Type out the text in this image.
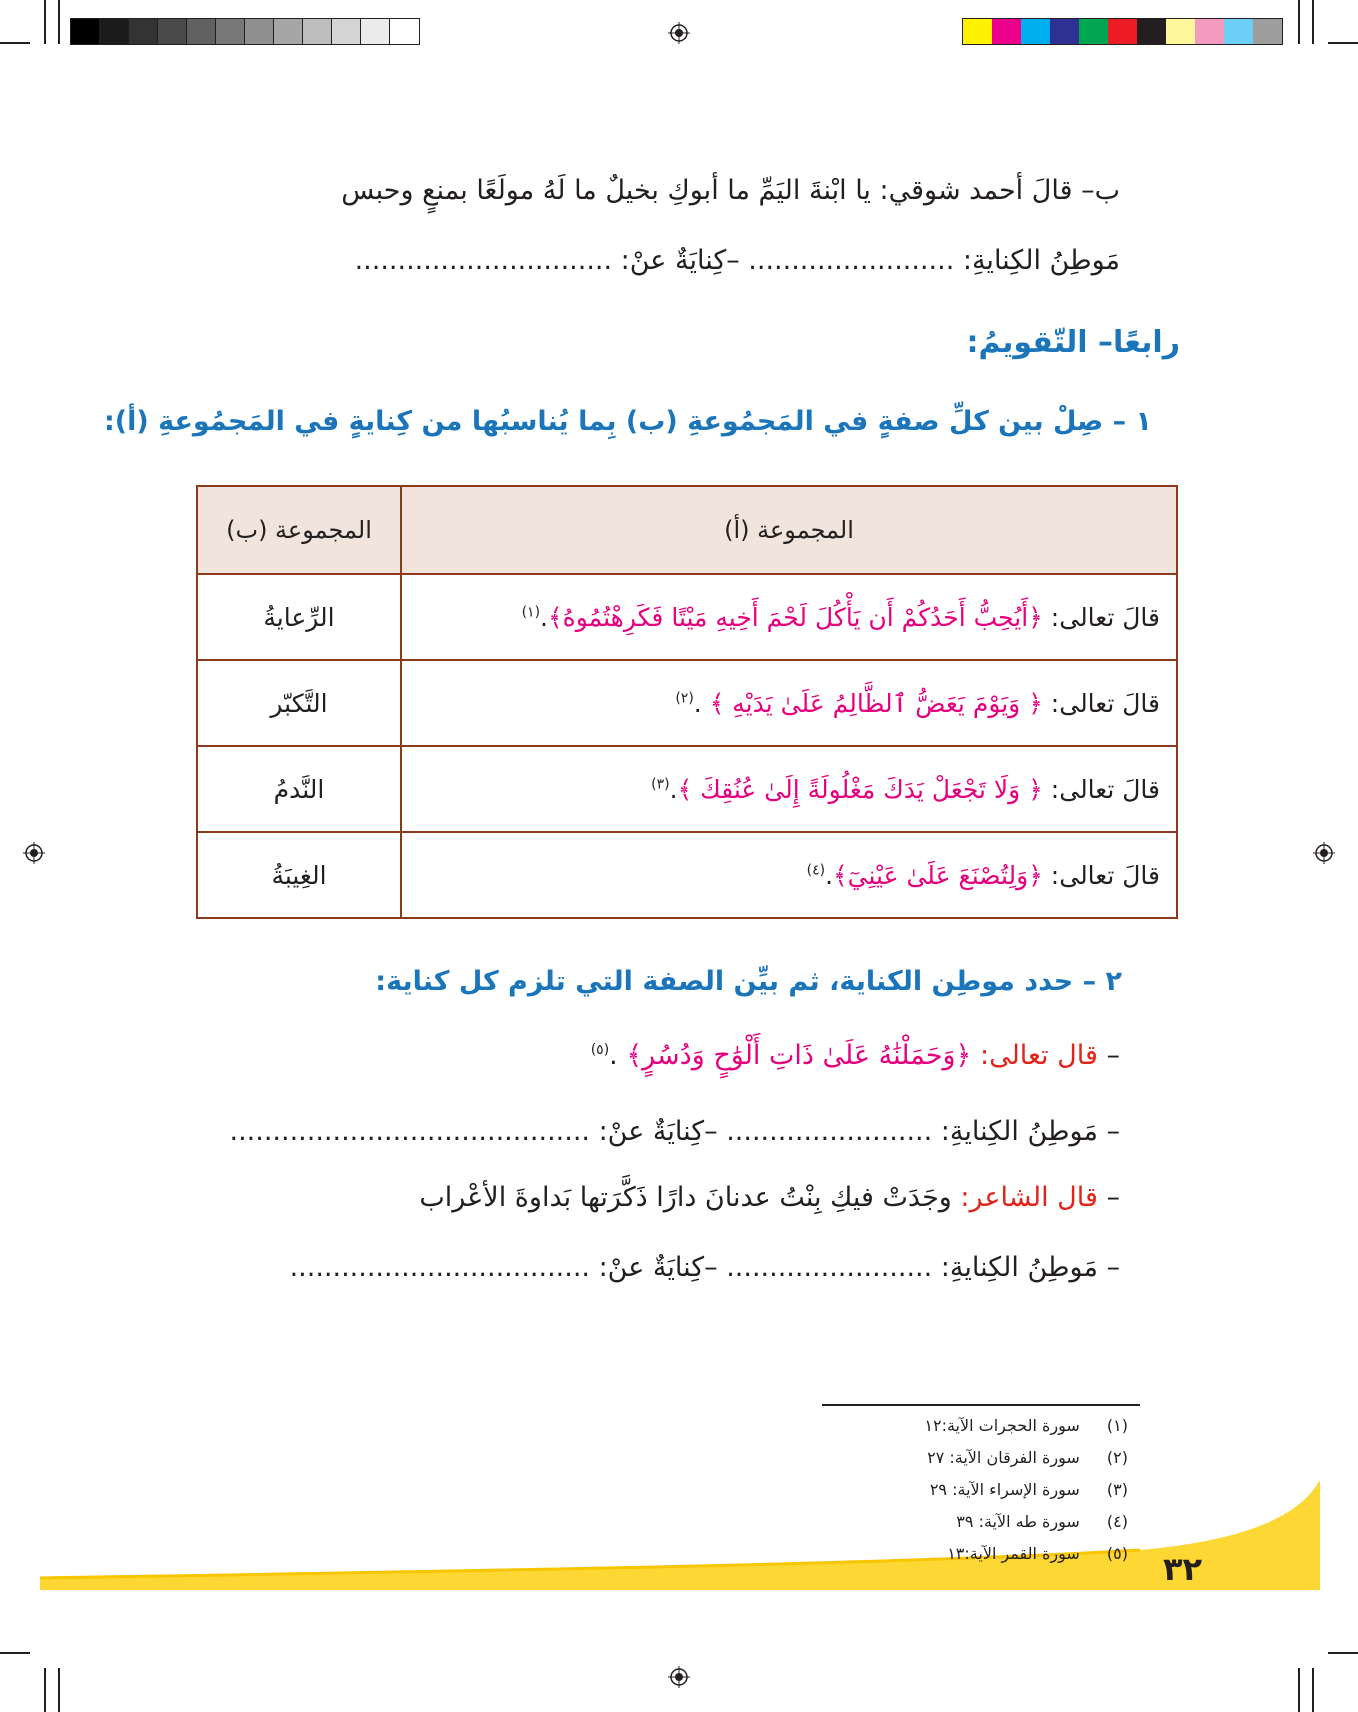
ب– قالَ أحمد شوقي: يا ابْنةَ اليَمِّ ما أبوكِ بخيلٌ ما لَهُ مولَعًا بمنعٍ وحبس
مَوطِنُ الكِنايةِ: ........................ –كِنايَةٌ عنْ: ..............................
رابعًا– التّقويمُ:
١ – صِلْ بين كلِّ صفةٍ في المَجمُوعةِ (ب) بِما يُناسبُها من كِنايةٍ في المَجمُوعةِ (أ):
المجموعة (أ)	المجموعة (ب)
قالَ تعالى: ﴿أَيُحِبُّ أَحَدُكُمْ أَن يَأْكُلَ لَحْمَ أَخِيهِ مَيْتًا فَكَرِهْتُمُوهُ﴾.$^{(١)}$	الرِّعايةُ
قالَ تعالى: ﴿ وَيَوْمَ يَعَضُّ ٱلظَّالِمُ عَلَىٰ يَدَيْهِ ﴾ .$^{(٢)}$	التَّكبّر
قالَ تعالى: ﴿ وَلَا تَجْعَلْ يَدَكَ مَغْلُولَةً إِلَىٰ عُنُقِكَ ﴾.$^{(٣)}$	النَّدمُ
قالَ تعالى: ﴿وَلِتُصْنَعَ عَلَىٰ عَيْنِيٓ﴾.$^{(٤)}$	الغِيبَةُ
٢ – حدد موطِن الكناية، ثم بيِّن الصفة التي تلزم كل كناية:
– قال تعالى: ﴿وَحَمَلْنَٰهُ عَلَىٰ ذَاتِ أَلْوَٰحٍ وَدُسُرٍ﴾ .$^{(٥)}$
– مَوطِنُ الكِنايةِ: ........................ –كِنايَةٌ عنْ: ..........................................
– قال الشاعر: وجَدَتْ فيكِ بِنْتُ عدنانَ دارًا ذَكَّرَتها بَداوةَ الأعْراب
– مَوطِنُ الكِنايةِ: ........................ –كِنايَةٌ عنْ: ...................................
(١)  سورة الحجرات الآية:١٢
(٢)  سورة الفرقان الآية: ٢٧
(٣)  سورة الإسراء الآية: ٢٩
(٤)  سورة طه الآية: ٣٩
(٥)  سورة القمر الآية:١٣	٣٢
